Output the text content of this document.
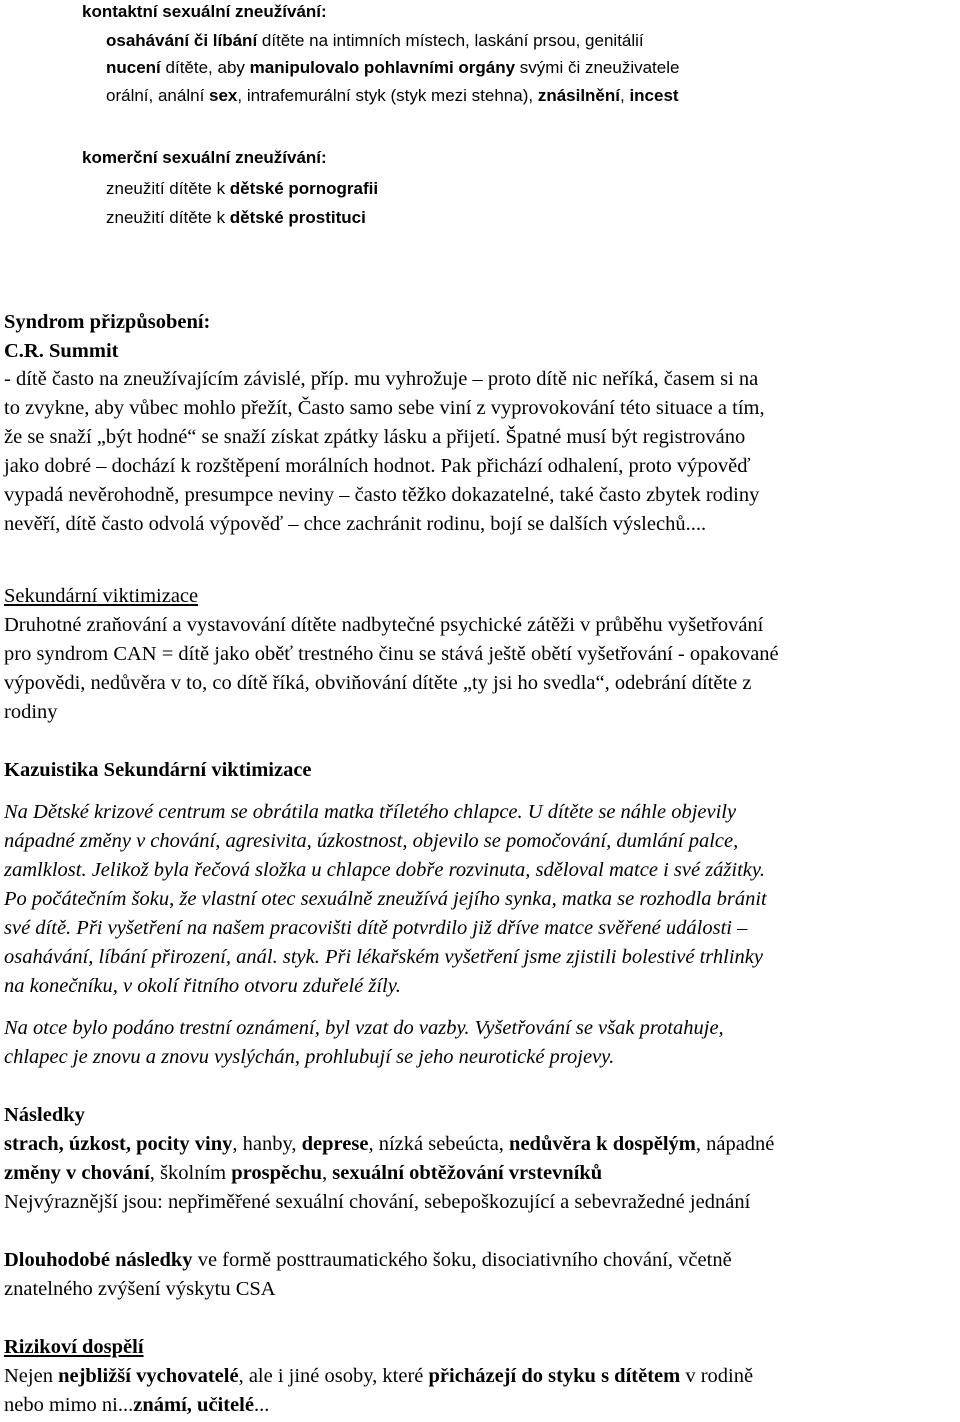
kontaktní sexuální zneužívání:
osahávání či líbání dítěte na intimních místech, laskání prsou, genitálií
nucení dítěte, aby manipulovalo pohlavními orgány svými či zneuživatele
orální, anální sex, intrafemurální styk (styk mezi stehna), znásilnění, incest
komerční sexuální zneužívání:
zneužití dítěte k dětské pornografii
zneužití dítěte k dětské prostituci
Syndrom přizpůsobení:
C.R. Summit
- dítě často na zneužívajícím závislé, příp. mu vyhrožuje – proto dítě nic neříká, časem si na
to zvykne, aby vůbec mohlo přežít, Často samo sebe viní z vyprovokování této situace a tím,
že se snaží „být hodné“ se snaží získat zpátky lásku a přijetí. Špatné musí být registrováno
jako dobré – dochází k rozštěpení morálních hodnot. Pak přichází odhalení, proto výpověď
vypadá nevěrohodně, presumpce neviny – často těžko dokazatelné, také často zbytek rodiny
nevěří, dítě často odvolá výpověď – chce zachránit rodinu, bojí se dalších výslechů....
Sekundární viktimizace
Druhotné zraňování a vystavování dítěte nadbytečné psychické zátěži v průběhu vyšetřování
pro syndrom CAN = dítě jako oběť trestného činu se stává ještě obětí vyšetřování - opakované
výpovědi, nedůvěra v to, co dítě říká, obviňování dítěte „ty jsi ho svedla“, odebrání dítěte z
rodiny
Kazuistika Sekundární viktimizace
Na Dětské krizové centrum se obrátila matka tříletého chlapce. U dítěte se náhle objevily
nápadné změny v chování, agresivita, úzkostnost, objevilo se pomočování, dumlání palce,
zamlklost. Jelikož byla řečová složka u chlapce dobře rozvinuta, sděloval matce i své zážitky.
Po počátečním šoku, že vlastní otec sexuálně zneužívá jejího synka, matka se rozhodla bránit
své dítě. Při vyšetření na našem pracovišti dítě potvrdilo již dříve matce svěřené události –
osahávání, líbání přirození, anál. styk. Při lékařském vyšetření jsme zjistili bolestivé trhlinky
na konečníku, v okolí řitního otvoru zduřelé žíly.
Na otce bylo podáno trestní oznámení, byl vzat do vazby. Vyšetřování se však protahuje,
chlapec je znovu a znovu vyslýchán, prohlubují se jeho neurotické projevy.
Následky
strach, úzkost, pocity viny, hanby, deprese, nízká sebeúcta, nedůvěra k dospělým, nápadné
změny v chování, školním prospěchu, sexuální obtěžování vrstevníků
Nejvýraznější jsou: nepřiměřené sexuální chování, sebepoškozující a sebevražedné jednání
Dlouhodobé následky ve formě posttraumatického šoku, disociativního chování, včetně
znatelného zvýšení výskytu CSA
Rizikoví dospělí
Nejen nejbližší vychovatelé, ale i jiné osoby, které přicházejí do styku s dítětem v rodině
nebo mimo ni...známí, učitelé...
